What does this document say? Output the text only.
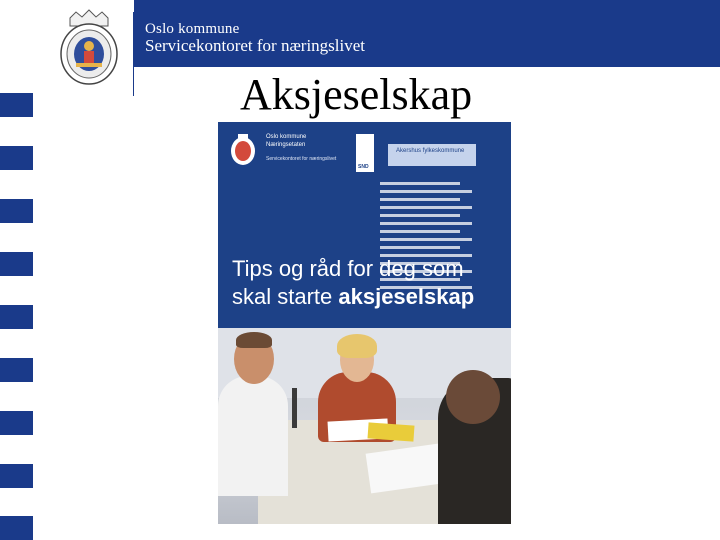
Oslo kommune
Servicekontoret for næringslivet
Aksjeselskap
Oslo kommune
Næringsetaten
Servicekontoret for næringslivet
SND
Akershus fylkeskommune
Tips og råd for deg som
skal starte aksjeselskap
